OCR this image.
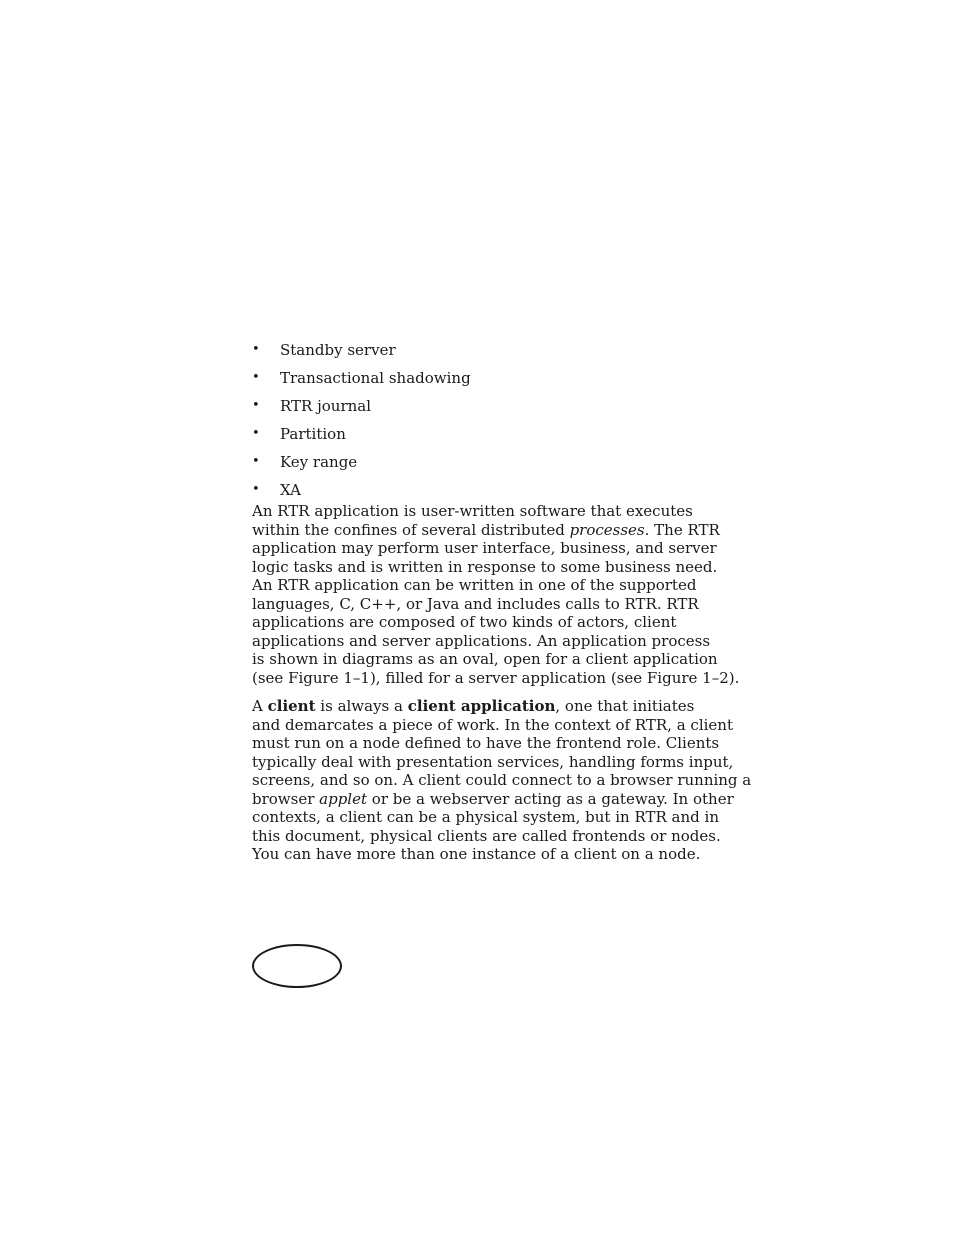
• Standby server
• Transactional shadowing
• RTR journal
• Partition
• Key range
• XA

An RTR application is user-written software that executes
within the confines of several distributed processes. The RTR
application may perform user interface, business, and server
logic tasks and is written in response to some business need.
An RTR application can be written in one of the supported
languages, C, C++, or Java and includes calls to RTR. RTR
applications are composed of two kinds of actors, client
applications and server applications. An application process
is shown in diagrams as an oval, open for a client application
(see Figure 1–1), filled for a server application (see Figure 1–2).

A client is always a client application, one that initiates
and demarcates a piece of work. In the context of RTR, a client
must run on a node defined to have the frontend role. Clients
typically deal with presentation services, handling forms input,
screens, and so on. A client could connect to a browser running a
browser applet or be a webserver acting as a gateway. In other
contexts, a client can be a physical system, but in RTR and in
this document, physical clients are called frontends or nodes.
You can have more than one instance of a client on a node.
